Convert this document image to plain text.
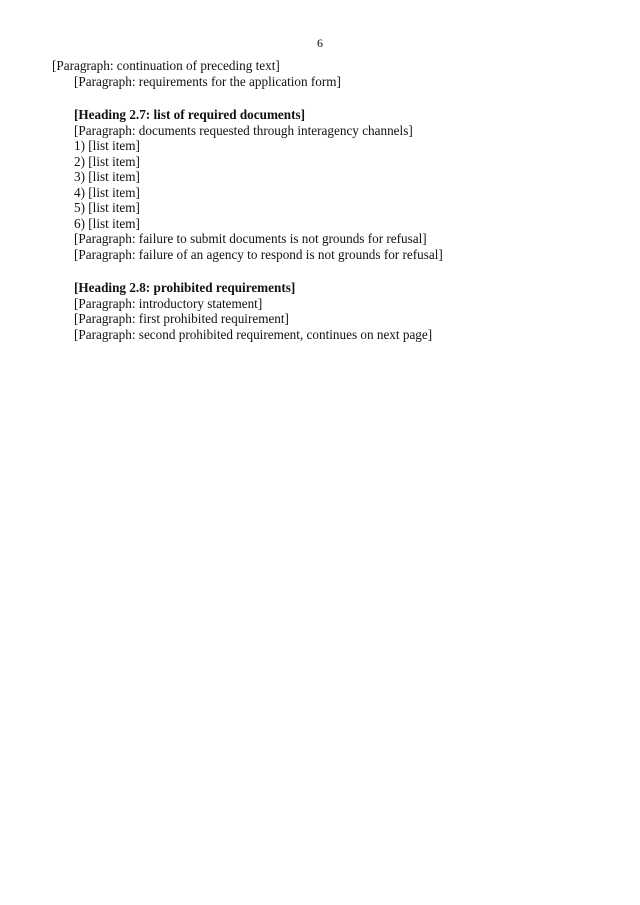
6

[Paragraph: continuation of preceding text]

[Paragraph: requirements for the application form]

[Heading 2.7: list of required documents]

[Paragraph: documents requested through interagency channels]

1) [list item]

2) [list item]

3) [list item]

4) [list item]

5) [list item]

6) [list item]

[Paragraph: failure to submit documents is not grounds for refusal]

[Paragraph: failure of an agency to respond is not grounds for refusal]

[Heading 2.8: prohibited requirements]

[Paragraph: introductory statement]

[Paragraph: first prohibited requirement]

[Paragraph: second prohibited requirement, continues on next page]
